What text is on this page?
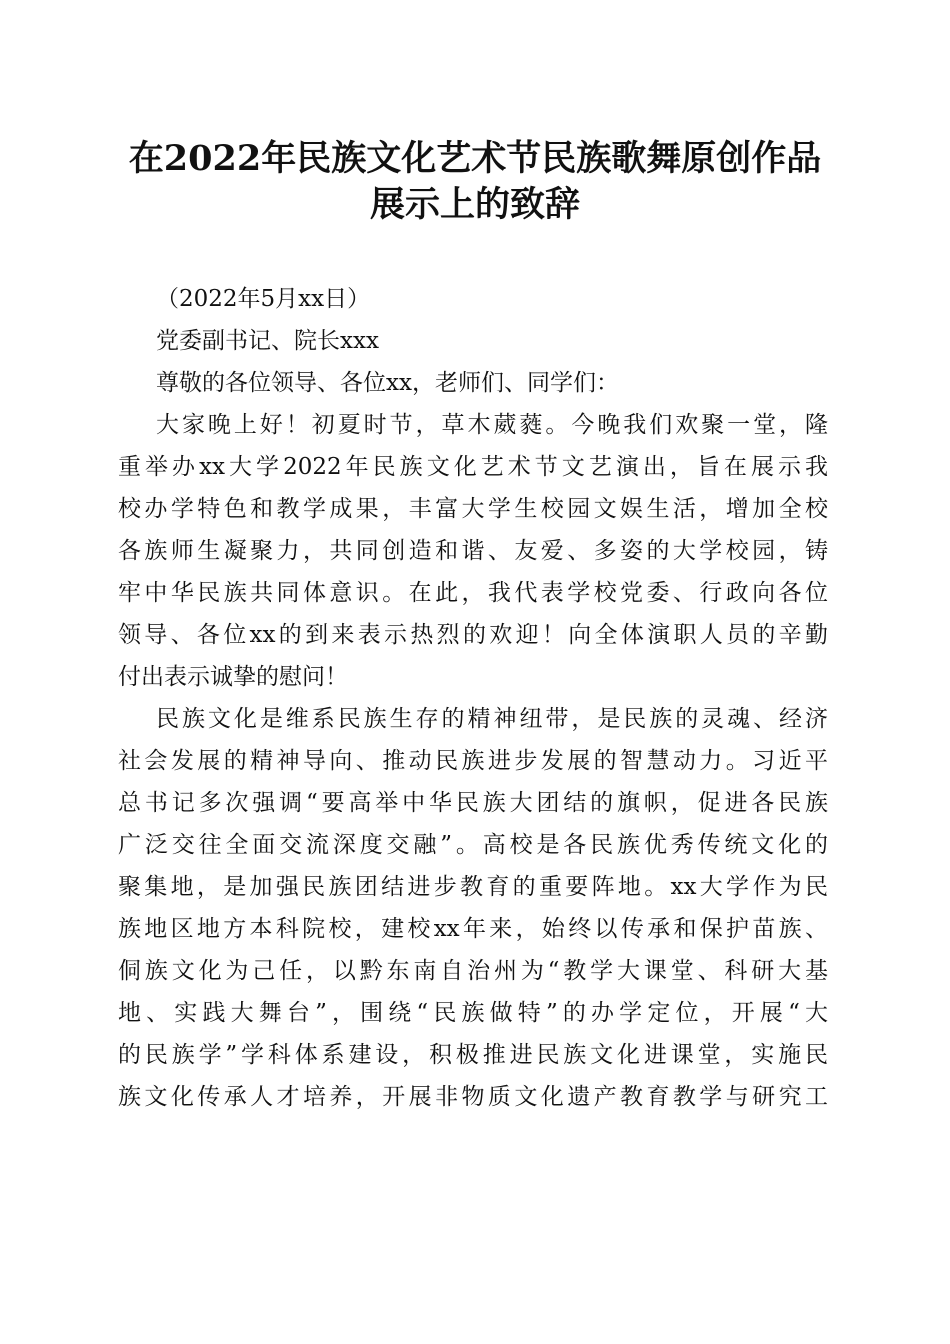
在2022年民族文化艺术节民族歌舞原创作品
展示上的致辞
（2022年5月xx日）
党委副书记、院长xxx
尊敬的各位领导、各位xx，老师们、同学们：
大家晚上好！初夏时节，草木葳蕤。今晚我们欢聚一堂，隆
重举办xx大学2022年民族文化艺术节文艺演出，旨在展示我
校办学特色和教学成果，丰富大学生校园文娱生活，增加全校
各族师生凝聚力，共同创造和谐、友爱、多姿的大学校园，铸
牢中华民族共同体意识。在此，我代表学校党委、行政向各位
领导、各位xx的到来表示热烈的欢迎！向全体演职人员的辛勤
付出表示诚挚的慰问！
民族文化是维系民族生存的精神纽带，是民族的灵魂、经济
社会发展的精神导向、推动民族进步发展的智慧动力。习近平
总书记多次强调“要高举中华民族大团结的旗帜，促进各民族
广泛交往全面交流深度交融”。高校是各民族优秀传统文化的
聚集地，是加强民族团结进步教育的重要阵地。xx大学作为民
族地区地方本科院校，建校xx年来，始终以传承和保护苗族、
侗族文化为己任，以黔东南自治州为“教学大课堂、科研大基
地、实践大舞台”，围绕“民族做特”的办学定位，开展“大
的民族学”学科体系建设，积极推进民族文化进课堂，实施民
族文化传承人才培养，开展非物质文化遗产教育教学与研究工
